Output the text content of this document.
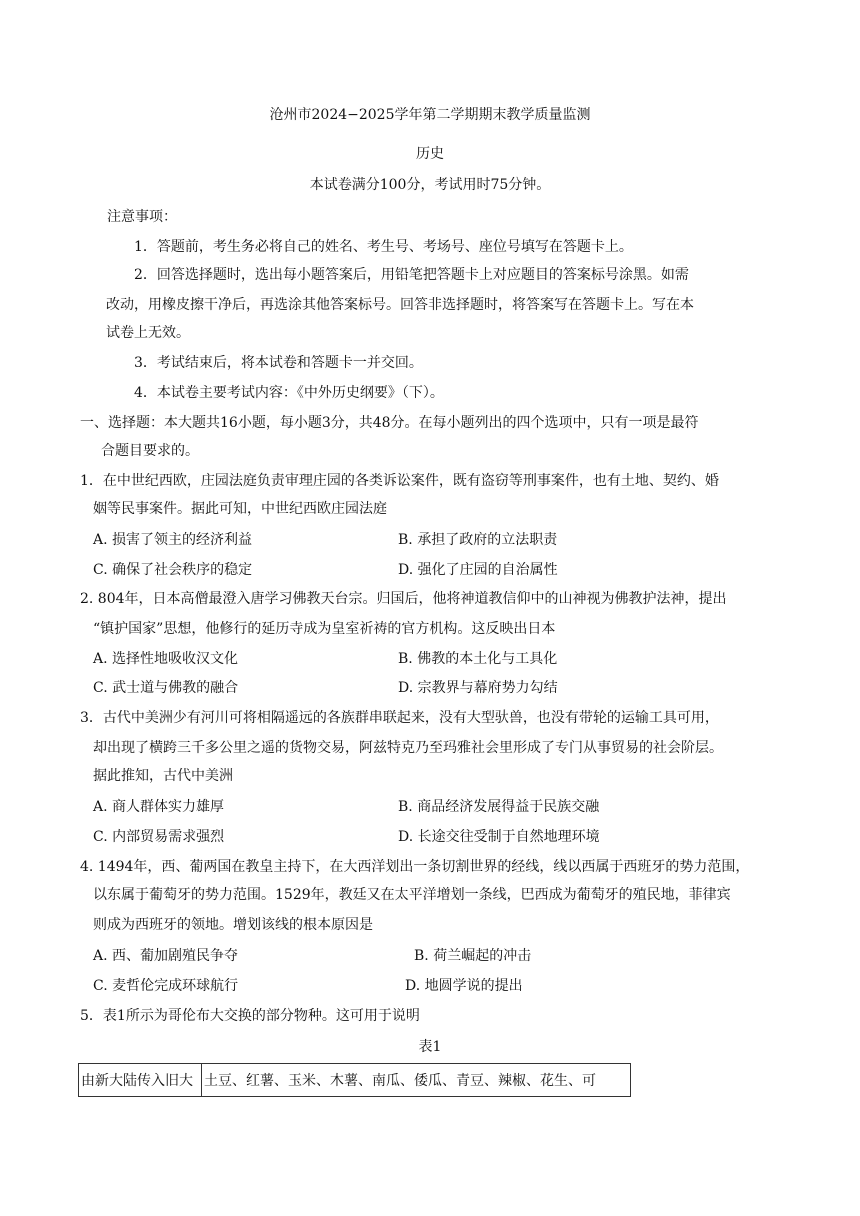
沧州市2024−2025学年第二学期期末教学质量监测
历史
本试卷满分100分，考试用时75分钟。
注意事项：
1．答题前，考生务必将自己的姓名、考生号、考场号、座位号填写在答题卡上。
2．回答选择题时，选出每小题答案后，用铅笔把答题卡上对应题目的答案标号涂黑。如需
改动，用橡皮擦干净后，再选涂其他答案标号。回答非选择题时，将答案写在答题卡上。写在本
试卷上无效。
3．考试结束后，将本试卷和答题卡一并交回。
4．本试卷主要考试内容：《中外历史纲要》（下）。
一、选择题：本大题共16小题，每小题3分，共48分。在每小题列出的四个选项中，只有一项是最符
合题目要求的。
1．在中世纪西欧，庄园法庭负责审理庄园的各类诉讼案件，既有盗窃等刑事案件，也有土地、契约、婚
姻等民事案件。据此可知，中世纪西欧庄园法庭
A. 损害了领主的经济利益	B. 承担了政府的立法职责
C. 确保了社会秩序的稳定	D. 强化了庄园的自治属性
2. 804年，日本高僧最澄入唐学习佛教天台宗。归国后，他将神道教信仰中的山神视为佛教护法神，提出
“镇护国家”思想，他修行的延历寺成为皇室祈祷的官方机构。这反映出日本
A. 选择性地吸收汉文化	B. 佛教的本土化与工具化
C. 武士道与佛教的融合	D. 宗教界与幕府势力勾结
3．古代中美洲少有河川可将相隔遥远的各族群串联起来，没有大型驮兽，也没有带轮的运输工具可用，
却出现了横跨三千多公里之遥的货物交易，阿兹特克乃至玛雅社会里形成了专门从事贸易的社会阶层。
据此推知，古代中美洲
A. 商人群体实力雄厚	B. 商品经济发展得益于民族交融
C. 内部贸易需求强烈	D. 长途交往受制于自然地理环境
4. 1494年，西、葡两国在教皇主持下，在大西洋划出一条切割世界的经线，线以西属于西班牙的势力范围，
以东属于葡萄牙的势力范围。1529年，教廷又在太平洋增划一条线，巴西成为葡萄牙的殖民地，菲律宾
则成为西班牙的领地。增划该线的根本原因是
A. 西、葡加剧殖民争夺	B. 荷兰崛起的冲击
C. 麦哲伦完成环球航行	D. 地圆学说的提出
5．表1所示为哥伦布大交换的部分物种。这可用于说明
表1
由新大陆传入旧大	土豆、红薯、玉米、木薯、南瓜、倭瓜、青豆、辣椒、花生、可
